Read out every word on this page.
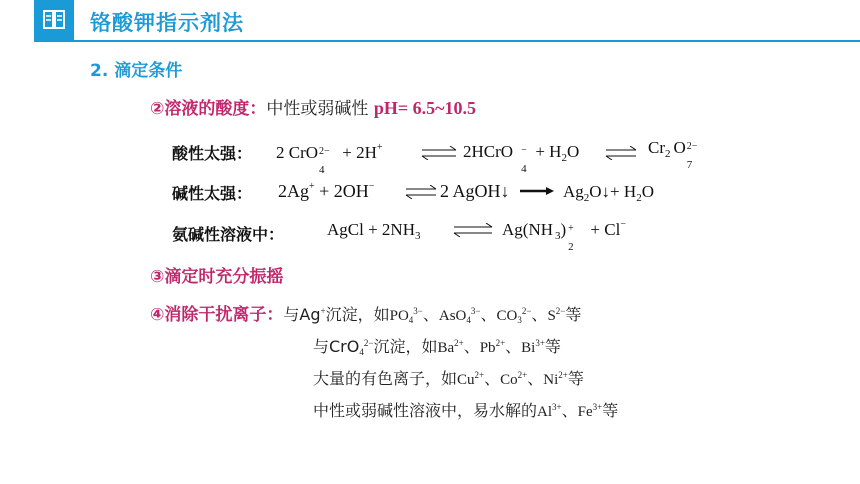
铬酸钾指示剂法
2. 滴定条件
②溶液的酸度：中性或弱碱性 pH= 6.5~10.5
酸性太强： 2 CrO 2−
4
+ 2H+ ⇌ 2HCrO −
4
+ $H_2O$ ⇌ $Cr_2$ O 2−
7
碱性太强： 2Ag+ + 2OH− ⇌ 2 AgOH↓	$Ag_2O↓+ H_2O$
氨碱性溶液中：	AgCl + $2NH_3$ ⇌ Ag(NH $_3$) +
2
+ Cl−
③滴定时充分振摇
④消除干扰离子：与Ag+沉淀，如$PO_4^{3-}$、AsO$_4^{3-}$、$CO_3^{2-}$、$S^{2-}$等
与CrO$_4^{2-}$沉淀，如$Ba^{2+}$、$Pb^{2+}$、$Bi^{3+}$等
大量的有色离子，如$Cu^{2+}$、$Co^{2+}$、$Ni^{2+}$等
中性或弱碱性溶液中，易水解的$Al^{3+}$、$Fe^{3+}$等
